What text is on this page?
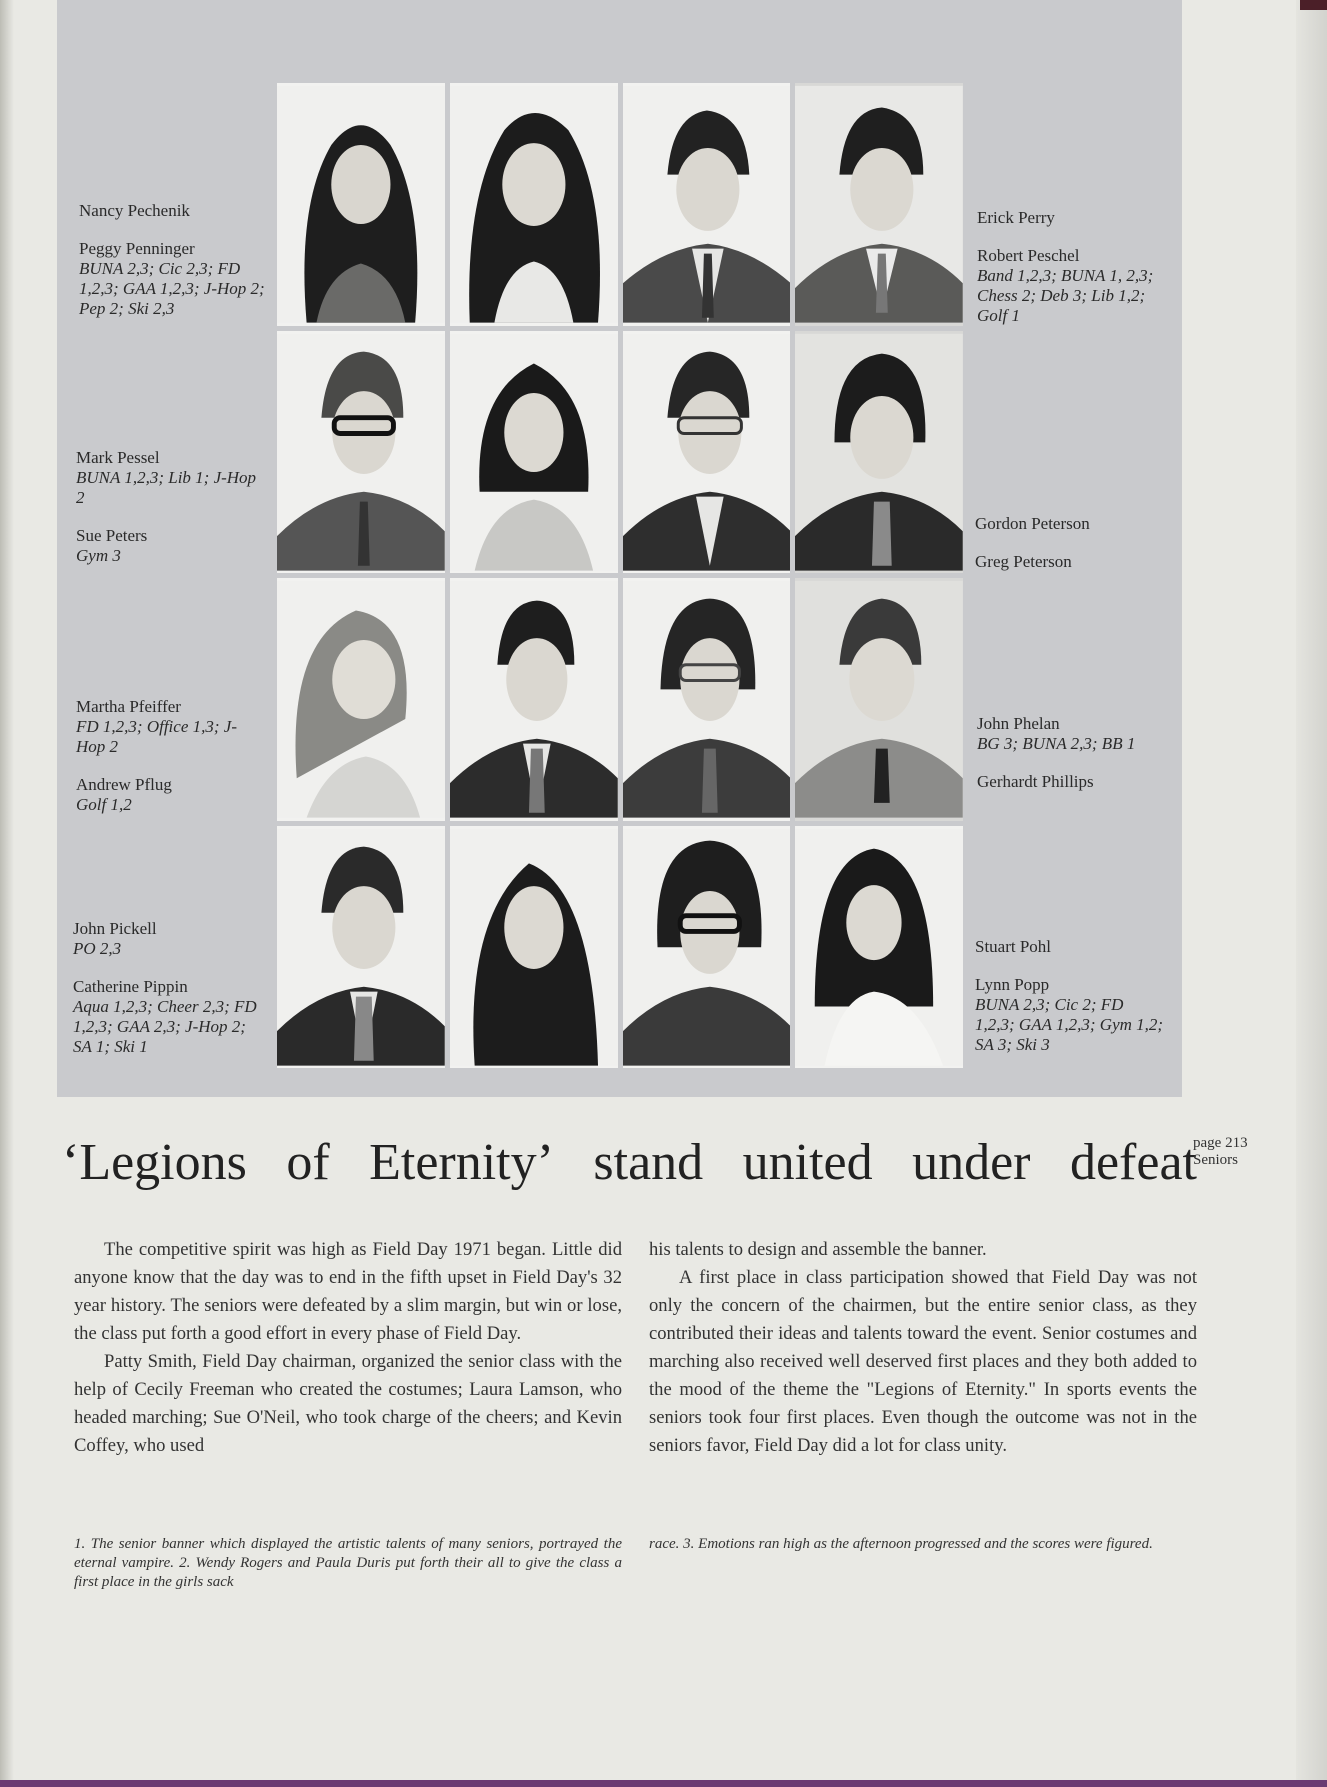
Nancy Pechenik
Peggy Penninger
BUNA 2,3; Cic 2,3; FD 1,2,3; GAA 1,2,3; J-Hop 2; Pep 2; Ski 2,3
Mark Pessel
BUNA 1,2,3; Lib 1; J-Hop 2
Sue Peters
Gym 3
Martha Pfeiffer
FD 1,2,3; Office 1,3; J-Hop 2
Andrew Pflug
Golf 1,2
John Pickell
PO 2,3
Catherine Pippin
Aqua 1,2,3; Cheer 2,3; FD 1,2,3; GAA 2,3; J-Hop 2; SA 1; Ski 1
Erick Perry
Robert Peschel
Band 1,2,3; BUNA 1, 2,3; Chess 2; Deb 3; Lib 1,2; Golf 1
Gordon Peterson
Greg Peterson
John Phelan
BG 3; BUNA 2,3; BB 1
Gerhardt Phillips
Stuart Pohl
Lynn Popp
BUNA 2,3; Cic 2; FD 1,2,3; GAA 1,2,3; Gym 1,2; SA 3; Ski 3
‘Legions of Eternity’ stand united under defeat
page 213
Seniors

The competitive spirit was high as Field Day 1971 began. Little did anyone know that the day was to end in the fifth upset in Field Day's 32 year history. The seniors were defeated by a slim margin, but win or lose, the class put forth a good effort in every phase of Field Day.

Patty Smith, Field Day chairman, organized the senior class with the help of Cecily Freeman who created the costumes; Laura Lamson, who headed marching; Sue O'Neil, who took charge of the cheers; and Kevin Coffey, who used

his talents to design and assemble the banner.

A first place in class participation showed that Field Day was not only the concern of the chairmen, but the entire senior class, as they contributed their ideas and talents toward the event. Senior costumes and marching also received well deserved first places and they both added to the mood of the theme the "Legions of Eternity." In sports events the seniors took four first places. Even though the outcome was not in the seniors favor, Field Day did a lot for class unity.

1. The senior banner which displayed the artistic talents of many seniors, portrayed the eternal vampire. 2. Wendy Rogers and Paula Duris put forth their all to give the class a first place in the girls sack
race. 3. Emotions ran high as the afternoon progressed and the scores were figured.
